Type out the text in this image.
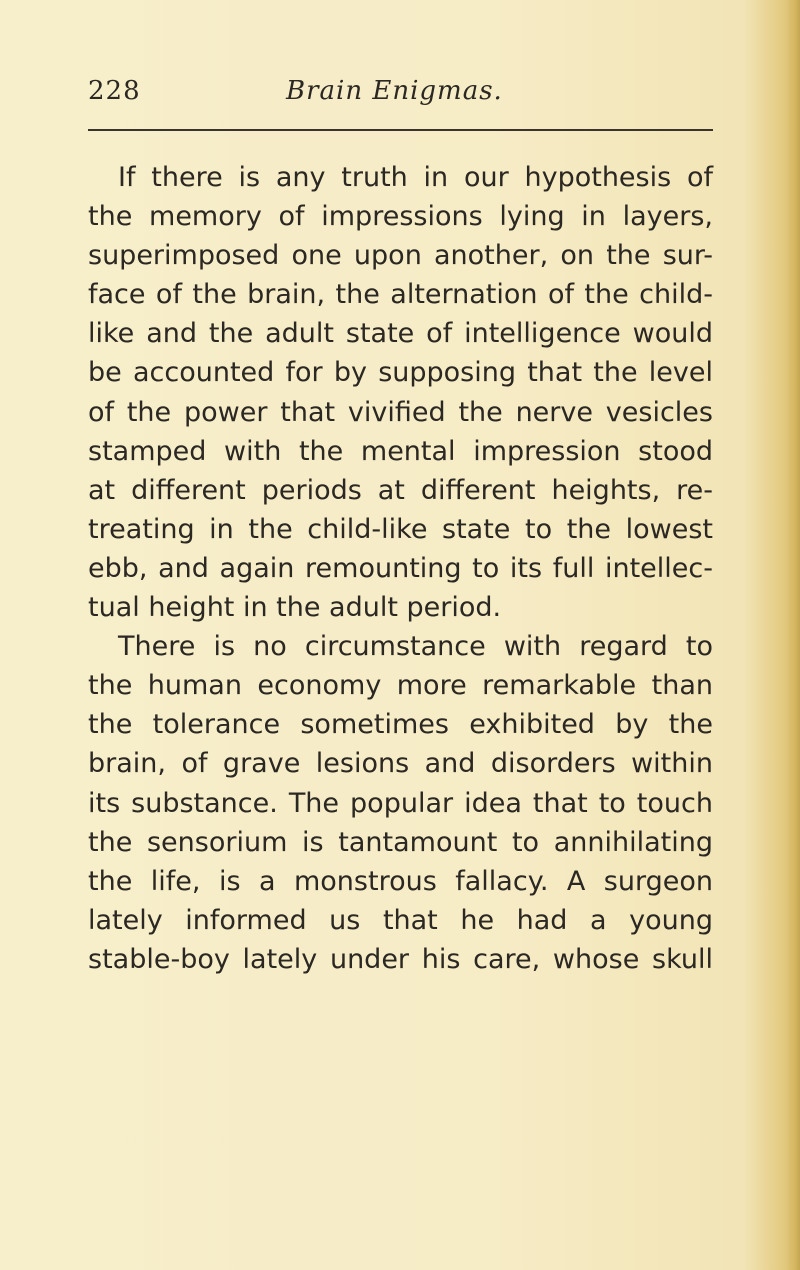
228	Brain Enigmas.
If there is any truth in our hypothesis of
the memory of impressions lying in layers,
superimposed one upon another, on the sur-
face of the brain, the alternation of the child-
like and the adult state of intelligence would
be accounted for by supposing that the level
of the power that vivified the nerve vesicles
stamped with the mental impression stood
at different periods at different heights, re-
treating in the child-like state to the lowest
ebb, and again remounting to its full intellec-
tual height in the adult period.
There is no circumstance with regard to
the human economy more remarkable than
the tolerance sometimes exhibited by the
brain, of grave lesions and disorders within
its substance. The popular idea that to touch
the sensorium is tantamount to annihilating
the life, is a monstrous fallacy. A surgeon
lately informed us that he had a young
stable-boy lately under his care, whose skull
